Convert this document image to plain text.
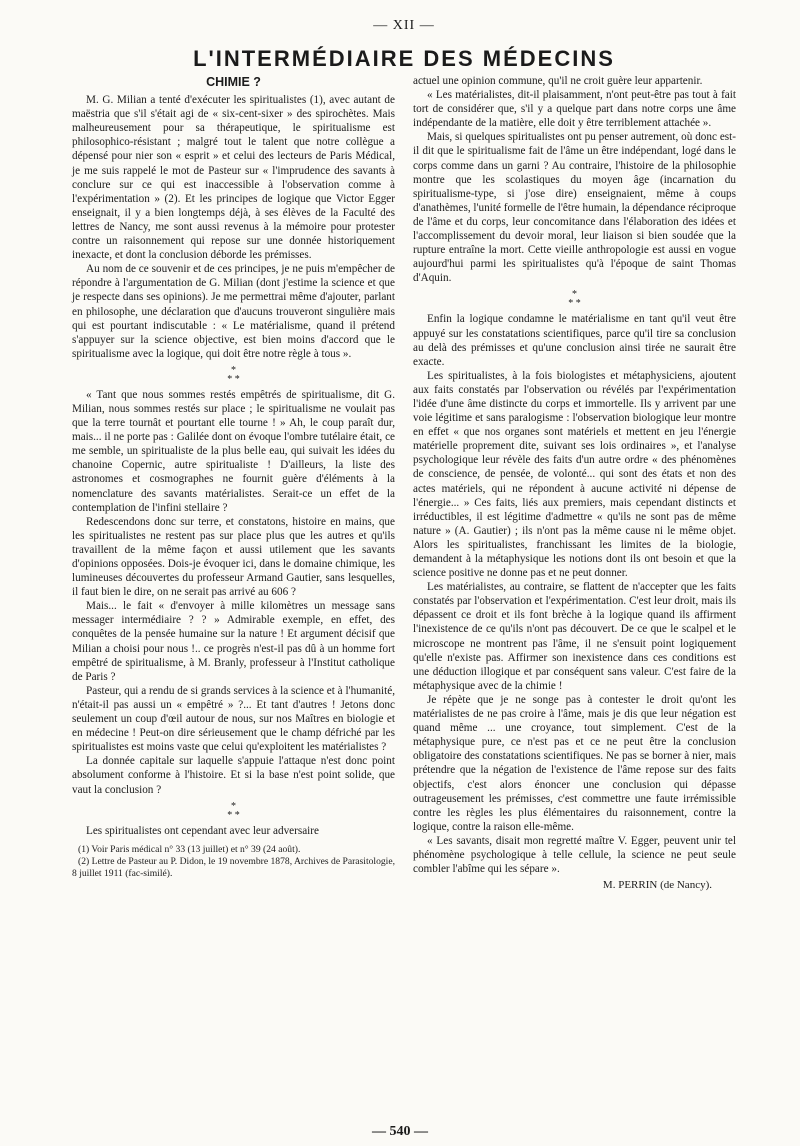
— XII —
L'INTERMÉDIAIRE DES MÉDECINS
CHIMIE ?

M. G. Milian a tenté d'exécuter les spiritualistes (1), avec autant de maëstria que s'il s'était agi de « six-cent-sixer » des spirochètes. Mais malheureusement pour sa thérapeutique, le spiritualisme est philosophico-résistant ; malgré tout le talent que notre collègue a dépensé pour nier son « esprit » et celui des lecteurs de Paris Médical, je me suis rappelé le mot de Pasteur sur « l'imprudence des savants à conclure sur ce qui est inaccessible à l'observation comme à l'expérimentation » (2). Et les principes de logique que Victor Egger enseignait, il y a bien longtemps déjà, à ses élèves de la Faculté des lettres de Nancy, me sont aussi revenus à la mémoire pour protester contre un raisonnement qui repose sur une donnée historiquement inexacte, et dont la conclusion déborde les prémisses.

Au nom de ce souvenir et de ces principes, je ne puis m'empêcher de répondre à l'argumentation de G. Milian (dont j'estime la science et que je respecte dans ses opinions). Je me permettrai même d'ajouter, parlant en philosophe, une déclaration que d'aucuns trouveront singulière mais qui est pourtant indiscutable : « Le matérialisme, quand il prétend s'appuyer sur la science objective, est bien moins d'accord que le spiritualisme avec la logique, qui doit être notre règle à tous ».

*
* *

« Tant que nous sommes restés empêtrés de spiritualisme, dit G. Milian, nous sommes restés sur place ; le spiritualisme ne voulait pas que la terre tournât et pourtant elle tourne ! » Ah, le coup paraît dur, mais... il ne porte pas : Galilée dont on évoque l'ombre tutélaire était, ce me semble, un spiritualiste de la plus belle eau, qui suivait les idées du chanoine Copernic, autre spiritualiste ! D'ailleurs, la liste des astronomes et cosmographes ne fournit guère d'éléments à la nomenclature des savants matérialistes. Serait-ce un effet de la contemplation de l'infini stellaire ?

Redescendons donc sur terre, et constatons, histoire en mains, que les spiritualistes ne restent pas sur place plus que les autres et qu'ils travaillent de la même façon et aussi utilement que les savants d'opinions opposées. Dois-je évoquer ici, dans le domaine chimique, les lumineuses découvertes du professeur Armand Gautier, sans lesquelles, il faut bien le dire, on ne serait pas arrivé au 606 ?

Mais... le fait « d'envoyer à mille kilomètres un message sans messager intermédiaire ? ? » Admirable exemple, en effet, des conquêtes de la pensée humaine sur la nature ! Et argument décisif que Milian a choisi pour nous !.. ce progrès n'est-il pas dû à un homme fort empêtré de spiritualisme, à M. Branly, professeur à l'Institut catholique de Paris ?

Pasteur, qui a rendu de si grands services à la science et à l'humanité, n'était-il pas aussi un « empêtré » ?... Et tant d'autres ! Jetons donc seulement un coup d'œil autour de nous, sur nos Maîtres en biologie et en médecine ! Peut-on dire sérieusement que le champ défriché par les spiritualistes est moins vaste que celui qu'exploitent les matérialistes ?

La donnée capitale sur laquelle s'appuie l'attaque n'est donc point absolument conforme à l'histoire. Et si la base n'est point solide, que vaut la conclusion ?

*
* *

Les spiritualistes ont cependant avec leur adversaire

(1) Voir Paris médical n° 33 (13 juillet) et n° 39 (24 août).

(2) Lettre de Pasteur au P. Didon, le 19 novembre 1878, Archives de Parasitologie, 8 juillet 1911 (fac-similé).

actuel une opinion commune, qu'il ne croit guère leur appartenir.

« Les matérialistes, dit-il plaisamment, n'ont peut-être pas tout à fait tort de considérer que, s'il y a quelque part dans notre corps une âme indépendante de la matière, elle doit y être terriblement attachée ».

Mais, si quelques spiritualistes ont pu penser autrement, où donc est-il dit que le spiritualisme fait de l'âme un être indépendant, logé dans le corps comme dans un garni ? Au contraire, l'histoire de la philosophie montre que les scolastiques du moyen âge (incarnation du spiritualisme-type, si j'ose dire) enseignaient, même à coups d'anathèmes, l'unité formelle de l'être humain, la dépendance réciproque de l'âme et du corps, leur concomitance dans l'élaboration des idées et l'accomplissement du devoir moral, leur liaison si bien soudée que la rupture entraîne la mort. Cette vieille anthropologie est aussi en vogue aujourd'hui parmi les spiritualistes qu'à l'époque de saint Thomas d'Aquin.

*
* *

Enfin la logique condamne le matérialisme en tant qu'il veut être appuyé sur les constatations scientifiques, parce qu'il tire sa conclusion au delà des prémisses et qu'une conclusion ainsi tirée ne saurait être exacte.

Les spiritualistes, à la fois biologistes et métaphysiciens, ajoutent aux faits constatés par l'observation ou révélés par l'expérimentation l'idée d'une âme distincte du corps et immortelle. Ils y arrivent par une voie légitime et sans paralogisme : l'observation biologique leur montre en effet « que nos organes sont matériels et mettent en jeu l'énergie matérielle proprement dite, suivant ses lois ordinaires », et l'analyse psychologique leur révèle des faits d'un autre ordre « des phénomènes de conscience, de pensée, de volonté... qui sont des états et non des actes matériels, qui ne répondent à aucune activité ni dépense de l'énergie... » Ces faits, liés aux premiers, mais cependant distincts et irréductibles, il est légitime d'admettre « qu'ils ne sont pas de même nature » (A. Gautier) ; ils n'ont pas la même cause ni le même objet. Alors les spiritualistes, franchissant les limites de la biologie, demandent à la métaphysique les notions dont ils ont besoin et que la science positive ne donne pas et ne peut donner.

Les matérialistes, au contraire, se flattent de n'accepter que les faits constatés par l'observation et l'expérimentation. C'est leur droit, mais ils dépassent ce droit et ils font brèche à la logique quand ils affirment l'inexistence de ce qu'ils n'ont pas découvert. De ce que le scalpel et le microscope ne montrent pas l'âme, il ne s'ensuit point logiquement qu'elle n'existe pas. Affirmer son inexistence dans ces conditions est une déduction illogique et par conséquent sans valeur. C'est faire de la métaphysique avec de la chimie !

Je répète que je ne songe pas à contester le droit qu'ont les matérialistes de ne pas croire à l'âme, mais je dis que leur négation est quand même ... une croyance, tout simplement. C'est de la métaphysique pure, ce n'est pas et ce ne peut être la conclusion obligatoire des constatations scientifiques. Ne pas se borner à nier, mais prétendre que la négation de l'existence de l'âme repose sur des faits objectifs, c'est alors énoncer une conclusion qui dépasse outrageusement les prémisses, c'est commettre une faute irrémissible contre les règles les plus élémentaires du raisonnement, contre la logique, contre la raison elle-même.

« Les savants, disait mon regretté maître V. Egger, peuvent unir tel phénomène psychologique à telle cellule, la science ne peut seule combler l'abîme qui les sépare ».

M. PERRIN (de Nancy).
— 540 —
